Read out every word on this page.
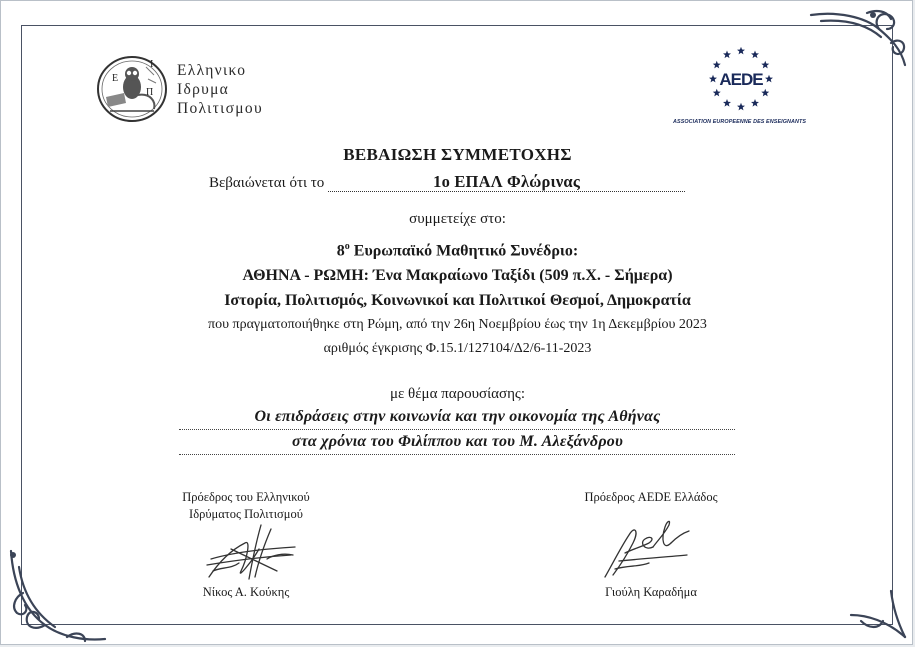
Ε
Ι
Π
Ελληνικο
Ιδρυμα
Πολιτισμου
AEDE
ASSOCIATION EUROPEENNE DES ENSEIGNANTS
ΒΕΒΑΙΩΣΗ ΣΥΜΜΕΤΟΧΗΣ
Βεβαιώνεται ότι το	1ο ΕΠΑΛ Φλώρινας
συμμετείχε στο:
$8^o$ Ευρωπαϊκό Μαθητικό Συνέδριο:
ΑΘΗΝΑ - ΡΩΜΗ: Ένα Μακραίωνο Ταξίδι (509 π.Χ. - Σήμερα)
Ιστορία, Πολιτισμός, Κοινωνικοί και Πολιτικοί Θεσμοί, Δημοκρατία
που πραγματοποιήθηκε στη Ρώμη, από την 26η Νοεμβρίου έως την 1η Δεκεμβρίου 2023
αριθμός έγκρισης Φ.15.1/127104/Δ2/6-11-2023
με θέμα παρουσίασης:
Οι επιδράσεις στην κοινωνία και την οικονομία της Αθήνας
στα χρόνια του Φιλίππου και του Μ. Αλεξάνδρου
Πρόεδρος του Ελληνικού
Ιδρύματος Πολιτισμού
Νίκος Α. Κούκης
Πρόεδρος AEDE Ελλάδος
Γιούλη Καραδήμα
